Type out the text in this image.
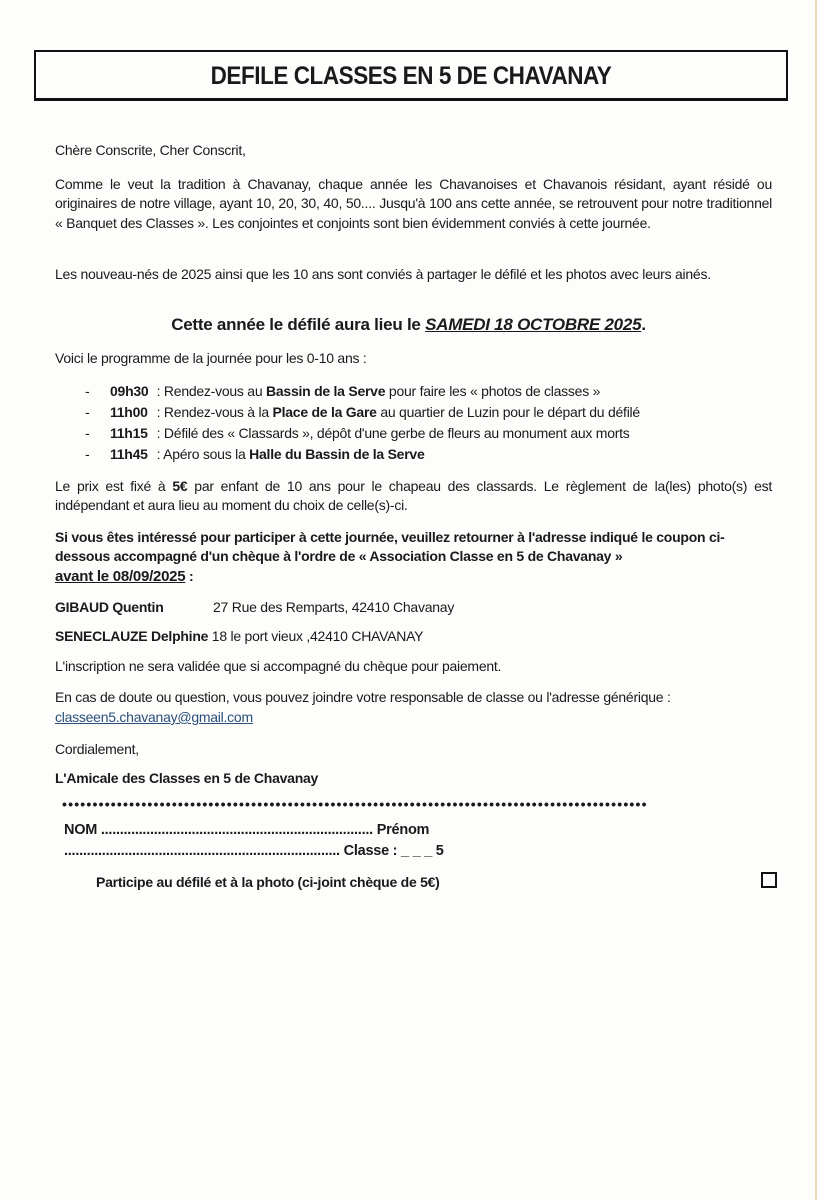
DEFILE CLASSES EN 5 DE CHAVANAY
Chère Conscrite, Cher Conscrit,
Comme le veut la tradition à Chavanay, chaque année les Chavanoises et Chavanois résidant, ayant résidé ou originaires de notre village, ayant 10, 20, 30, 40, 50.... Jusqu'à 100 ans cette année, se retrouvent pour notre traditionnel « Banquet des Classes ». Les conjointes et conjoints sont bien évidemment conviés à cette journée.
Les nouveau-nés de 2025 ainsi que les 10 ans sont conviés à partager le défilé et les photos avec leurs ainés.
Cette année le défilé aura lieu le SAMEDI 18 OCTOBRE 2025.
Voici le programme de la journée pour les 0-10 ans :
- 09h30 : Rendez-vous au Bassin de la Serve pour faire les « photos de classes »
- 11h00 : Rendez-vous à la Place de la Gare au quartier de Luzin pour le départ du défilé
- 11h15 : Défilé des « Classards », dépôt d'une gerbe de fleurs au monument aux morts
- 11h45 : Apéro sous la Halle du Bassin de la Serve
Le prix est fixé à 5€ par enfant de 10 ans pour le chapeau des classards. Le règlement de la(les) photo(s) est indépendant et aura lieu au moment du choix de celle(s)-ci.
Si vous êtes intéressé pour participer à cette journée, veuillez retourner à l'adresse indiqué le coupon ci-dessous accompagné d'un chèque à l'ordre de « Association Classe en 5 de Chavanay »
avant le 08/09/2025 :
GIBAUD Quentin	27 Rue des Remparts, 42410 Chavanay
SENECLAUZE Delphine 18 le port vieux ,42410 CHAVANAY
L'inscription ne sera validée que si accompagné du chèque pour paiement.
En cas de doute ou question, vous pouvez joindre votre responsable de classe ou l'adresse générique :
classeen5.chavanay@gmail.com
Cordialement,
L'Amicale des Classes en 5 de Chavanay
••••••••••••••••••••••••••••••••••••••••••••••••••••••••••••••••••••••••••••••••••••••••••••••••
NOM ........................................................................ Prénom
......................................................................... Classe : _ _ _ 5
Participe au défilé et à la photo (ci-joint chèque de 5€)
